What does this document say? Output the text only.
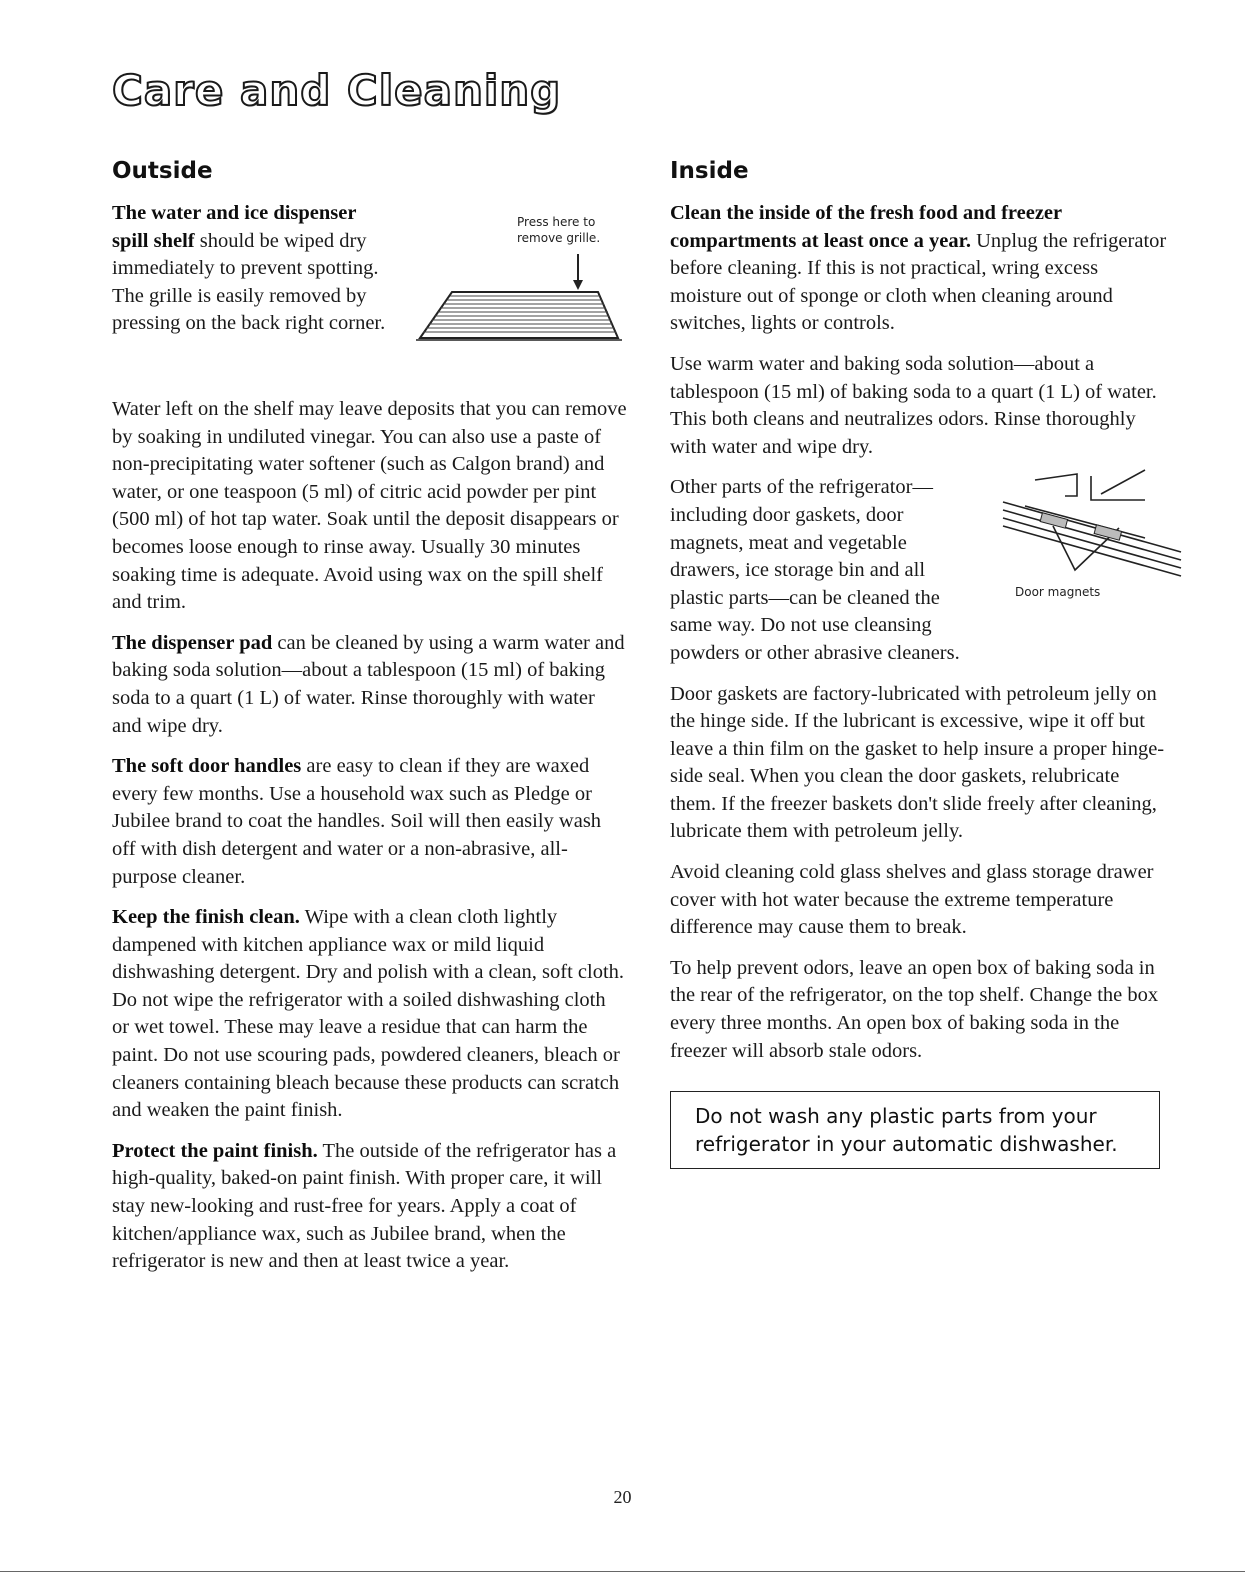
Care and Cleaning
Outside

The water and ice dispenser spill shelf should be wiped dry immediately to prevent spotting. The grille is easily removed by pressing on the back right corner.

Press here to remove grille.

Water left on the shelf may leave deposits that you can remove by soaking in undiluted vinegar. You can also use a paste of non-precipitating water softener (such as Calgon brand) and water, or one teaspoon (5 ml) of citric acid powder per pint (500 ml) of hot tap water. Soak until the deposit disappears or becomes loose enough to rinse away. Usually 30 minutes soaking time is adequate. Avoid using wax on the spill shelf and trim.

The dispenser pad can be cleaned by using a warm water and baking soda solution—about a tablespoon (15 ml) of baking soda to a quart (1 L) of water. Rinse thoroughly with water and wipe dry.

The soft door handles are easy to clean if they are waxed every few months. Use a household wax such as Pledge or Jubilee brand to coat the handles. Soil will then easily wash off with dish detergent and water or a non-abrasive, all-purpose cleaner.

Keep the finish clean. Wipe with a clean cloth lightly dampened with kitchen appliance wax or mild liquid dishwashing detergent. Dry and polish with a clean, soft cloth. Do not wipe the refrigerator with a soiled dishwashing cloth or wet towel. These may leave a residue that can harm the paint. Do not use scouring pads, powdered cleaners, bleach or cleaners containing bleach because these products can scratch and weaken the paint finish.

Protect the paint finish. The outside of the refrigerator has a high-quality, baked-on paint finish. With proper care, it will stay new-looking and rust-free for years. Apply a coat of kitchen/appliance wax, such as Jubilee brand, when the refrigerator is new and then at least twice a year.

Inside

Clean the inside of the fresh food and freezer compartments at least once a year. Unplug the refrigerator before cleaning. If this is not practical, wring excess moisture out of sponge or cloth when cleaning around switches, lights or controls.

Use warm water and baking soda solution—about a tablespoon (15 ml) of baking soda to a quart (1 L) of water. This both cleans and neutralizes odors. Rinse thoroughly with water and wipe dry.

Other parts of the refrigerator—including door gaskets, door magnets, meat and vegetable drawers, ice storage bin and all plastic parts—can be cleaned the same way. Do not use cleansing

Door magnets

powders or other abrasive cleaners.

Door gaskets are factory-lubricated with petroleum jelly on the hinge side. If the lubricant is excessive, wipe it off but leave a thin film on the gasket to help insure a proper hinge-side seal. When you clean the door gaskets, relubricate them. If the freezer baskets don't slide freely after cleaning, lubricate them with petroleum jelly.

Avoid cleaning cold glass shelves and glass storage drawer cover with hot water because the extreme temperature difference may cause them to break.

To help prevent odors, leave an open box of baking soda in the rear of the refrigerator, on the top shelf. Change the box every three months. An open box of baking soda in the freezer will absorb stale odors.

Do not wash any plastic parts from your refrigerator in your automatic dishwasher.
20
